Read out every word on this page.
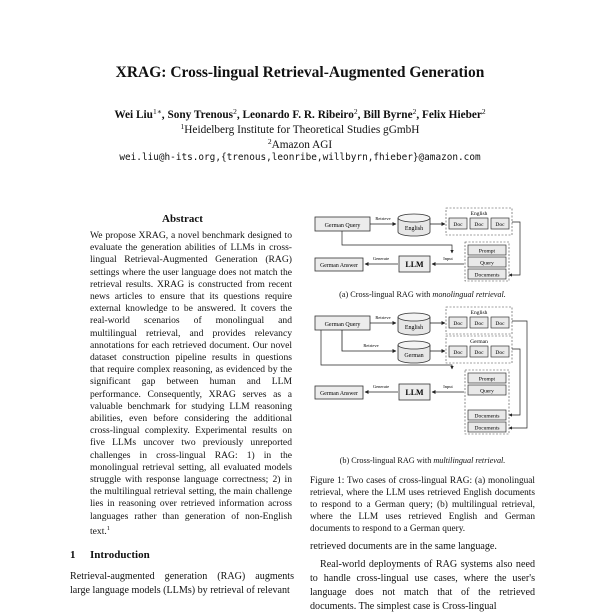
XRAG: Cross-lingual Retrieval-Augmented Generation
Wei Liu$^{1∗}$, Sony Trenous$^2$, Leonardo F. R. Ribeiro$^2$, Bill Byrne$^2$, Felix Hieber$^2$
$^1$Heidelberg Institute for Theoretical Studies gGmbH
$^2$Amazon AGI
wei.liu@h-its.org,{trenous,leonribe,willbyrn,fhieber}@amazon.com
Abstract
We propose XRAG, a novel benchmark designed to evaluate the generation abilities of LLMs in cross-lingual Retrieval-Augmented Generation (RAG) settings where the user language does not match the retrieval results. XRAG is constructed from recent news articles to ensure that its questions require external knowledge to be answered. It covers the real-world scenarios of monolingual and multilingual retrieval, and provides relevancy annotations for each retrieved document. Our novel dataset construction pipeline results in questions that require complex reasoning, as evidenced by the significant gap between human and LLM performance. Consequently, XRAG serves as a valuable benchmark for studying LLM reasoning abilities, even before considering the additional cross-lingual complexity. Experimental results on five LLMs uncover two previously unreported challenges in cross-lingual RAG: 1) in the monolingual retrieval setting, all evaluated models struggle with response language correctness; 2) in the multilingual retrieval setting, the main challenge lies in reasoning over retrieved information across languages rather than generation of non-English text.$^1$
1 Introduction
Retrieval-augmented generation (RAG) augments large language models (LLMs) by retrieval of relevant
German Query
Retrieve
English
English
Doc Doc Doc
German Answer
Generate
LLM
Input
Prompt
Query
Documents
German Query
Retrieve
English
English
Doc Doc Doc
Retrieve
German
German
Doc Doc Doc
German Answer
Generate
LLM
Input
Prompt
Query
Documents
Documents
(a) Cross-lingual RAG with monolingual retrieval.
(b) Cross-lingual RAG with multilingual retrieval.
Figure 1: Two cases of cross-lingual RAG: (a) monolingual retrieval, where the LLM uses retrieved English documents to respond to a German query; (b) multilingual retrieval, where the LLM uses retrieved English and German documents to respond to a German query.
retrieved documents are in the same language.
Real-world deployments of RAG systems also need to handle cross-lingual use cases, where the user's language does not match that of the retrieved documents. The simplest case is Cross-lingual
